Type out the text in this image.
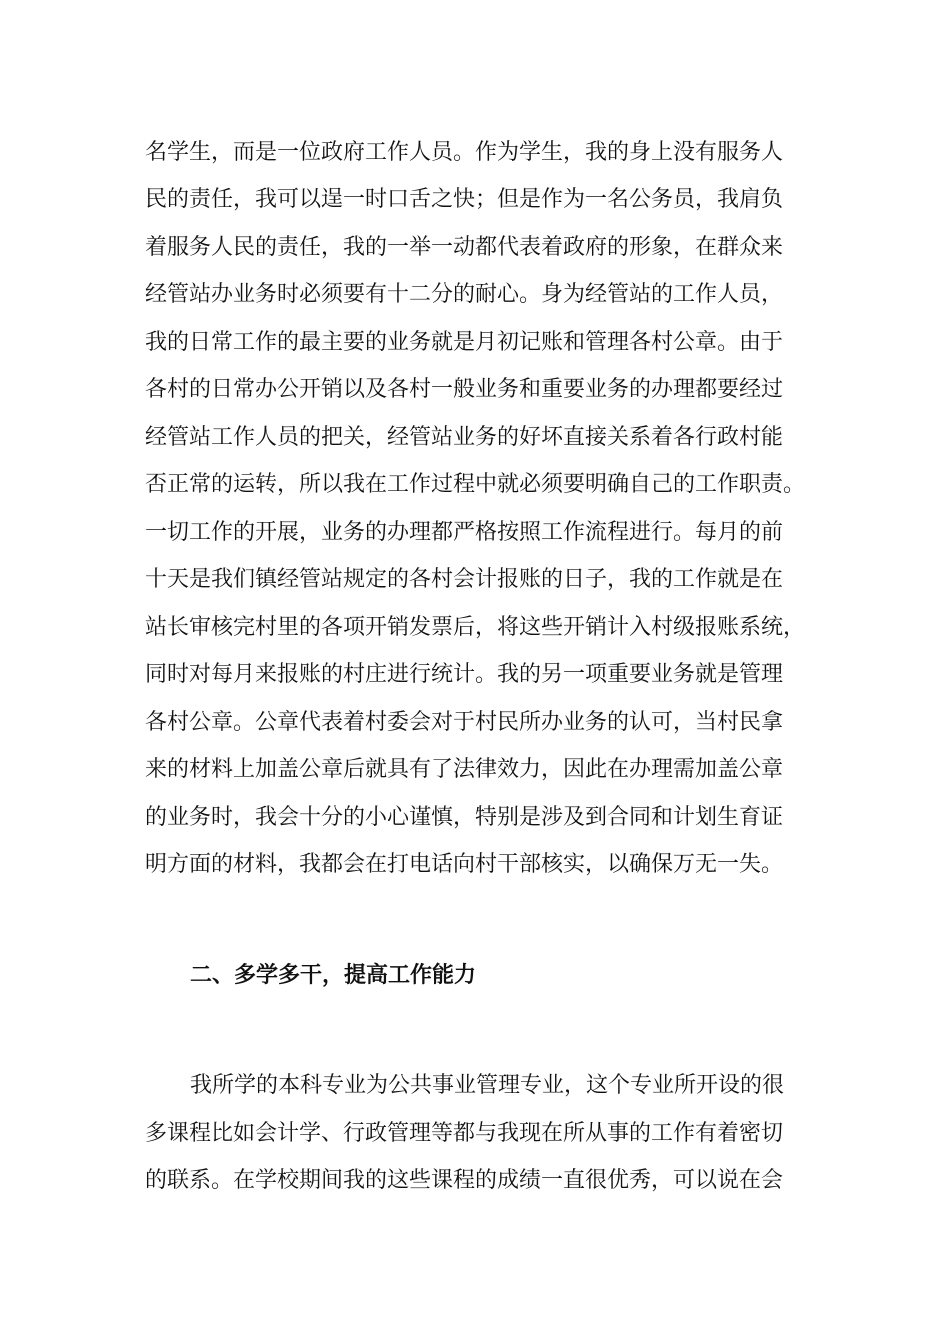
名学生，而是一位政府工作人员。作为学生，我的身上没有服务人
民的责任，我可以逞一时口舌之快；但是作为一名公务员，我肩负
着服务人民的责任，我的一举一动都代表着政府的形象，在群众来
经管站办业务时必须要有十二分的耐心。身为经管站的工作人员，
我的日常工作的最主要的业务就是月初记账和管理各村公章。由于
各村的日常办公开销以及各村一般业务和重要业务的办理都要经过
经管站工作人员的把关，经管站业务的好坏直接关系着各行政村能
否正常的运转，所以我在工作过程中就必须要明确自己的工作职责。
一切工作的开展，业务的办理都严格按照工作流程进行。每月的前
十天是我们镇经管站规定的各村会计报账的日子，我的工作就是在
站长审核完村里的各项开销发票后，将这些开销计入村级报账系统，
同时对每月来报账的村庄进行统计。我的另一项重要业务就是管理
各村公章。公章代表着村委会对于村民所办业务的认可，当村民拿
来的材料上加盖公章后就具有了法律效力，因此在办理需加盖公章
的业务时，我会十分的小心谨慎，特别是涉及到合同和计划生育证
明方面的材料，我都会在打电话向村干部核实，以确保万无一失。
二、多学多干，提高工作能力
我所学的本科专业为公共事业管理专业，这个专业所开设的很
多课程比如会计学、行政管理等都与我现在所从事的工作有着密切
的联系。在学校期间我的这些课程的成绩一直很优秀，可以说在会
